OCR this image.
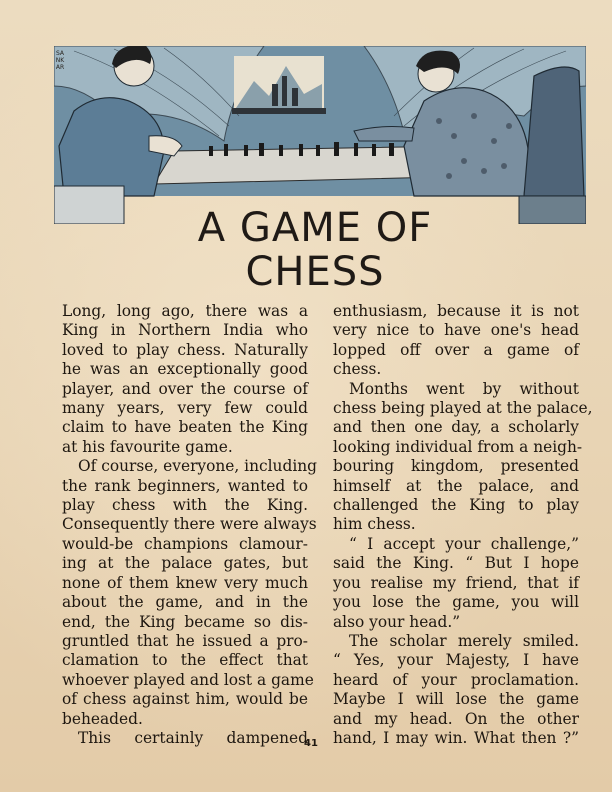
SANKAR
A GAME OF
CHESS
Long, long ago, there was a
King in Northern India who
loved to play chess. Naturally
he was an exceptionally good
player, and over the course of
many years, very few could
claim to have beaten the King
at his favourite game.
Of course, everyone, including
the rank beginners, wanted to
play chess with the King.
Consequently there were always
would-be champions clamour-
ing at the palace gates, but
none of them knew very much
about the game, and in the
end, the King became so dis-
gruntled that he issued a pro-
clamation to the effect that
whoever played and lost a game
of chess against him, would be
beheaded.
This certainly dampened
enthusiasm, because it is not
very nice to have one's head
lopped off over a game of
chess.
Months went by without
chess being played at the palace,
and then one day, a scholarly
looking individual from a neigh-
bouring kingdom, presented
himself at the palace, and
challenged the King to play
him chess.
“ I accept your challenge,”
said the King. “ But I hope
you realise my friend, that if
you lose the game, you will
also your head.”
The scholar merely smiled.
“ Yes, your Majesty, I have
heard of your proclamation.
Maybe I will lose the game
and my head. On the other
hand, I may win. What then ?”
41
